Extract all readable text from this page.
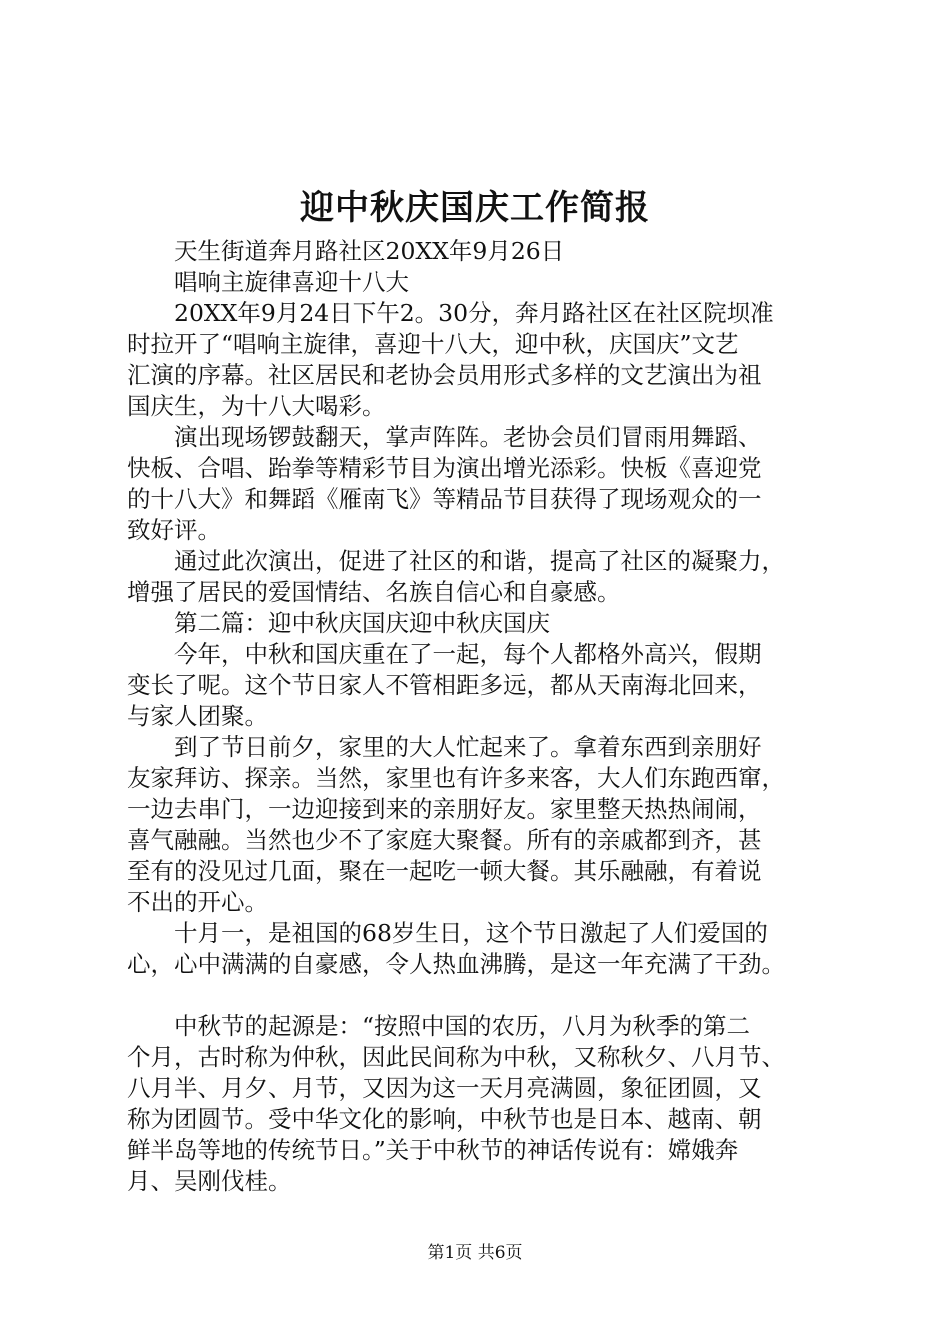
迎中秋庆国庆工作简报
天生街道奔月路社区20XX年9月26日
唱响主旋律喜迎十八大
20XX年9月24日下午2。30分，奔月路社区在社区院坝准
时拉开了“唱响主旋律，喜迎十八大，迎中秋，庆国庆”文艺
汇演的序幕。社区居民和老协会员用形式多样的文艺演出为祖
国庆生，为十八大喝彩。
演出现场锣鼓翻天，掌声阵阵。老协会员们冒雨用舞蹈、
快板、合唱、跆拳等精彩节目为演出增光添彩。快板《喜迎党
的十八大》和舞蹈《雁南飞》等精品节目获得了现场观众的一
致好评。
通过此次演出，促进了社区的和谐，提高了社区的凝聚力，
增强了居民的爱国情结、名族自信心和自豪感。
第二篇：迎中秋庆国庆迎中秋庆国庆
今年，中秋和国庆重在了一起，每个人都格外高兴，假期
变长了呢。这个节日家人不管相距多远，都从天南海北回来，
与家人团聚。
到了节日前夕，家里的大人忙起来了。拿着东西到亲朋好
友家拜访、探亲。当然，家里也有许多来客，大人们东跑西窜，
一边去串门，一边迎接到来的亲朋好友。家里整天热热闹闹，
喜气融融。当然也少不了家庭大聚餐。所有的亲戚都到齐，甚
至有的没见过几面，聚在一起吃一顿大餐。其乐融融，有着说
不出的开心。
十月一，是祖国的68岁生日，这个节日激起了人们爱国的
心，心中满满的自豪感，令人热血沸腾，是这一年充满了干劲。
中秋节的起源是：“按照中国的农历，八月为秋季的第二
个月，古时称为仲秋，因此民间称为中秋，又称秋夕、八月节、
八月半、月夕、月节，又因为这一天月亮满圆，象征团圆，又
称为团圆节。受中华文化的影响，中秋节也是日本、越南、朝
鲜半岛等地的传统节日。”关于中秋节的神话传说有：嫦娥奔
月、吴刚伐桂。
第1页 共6页
